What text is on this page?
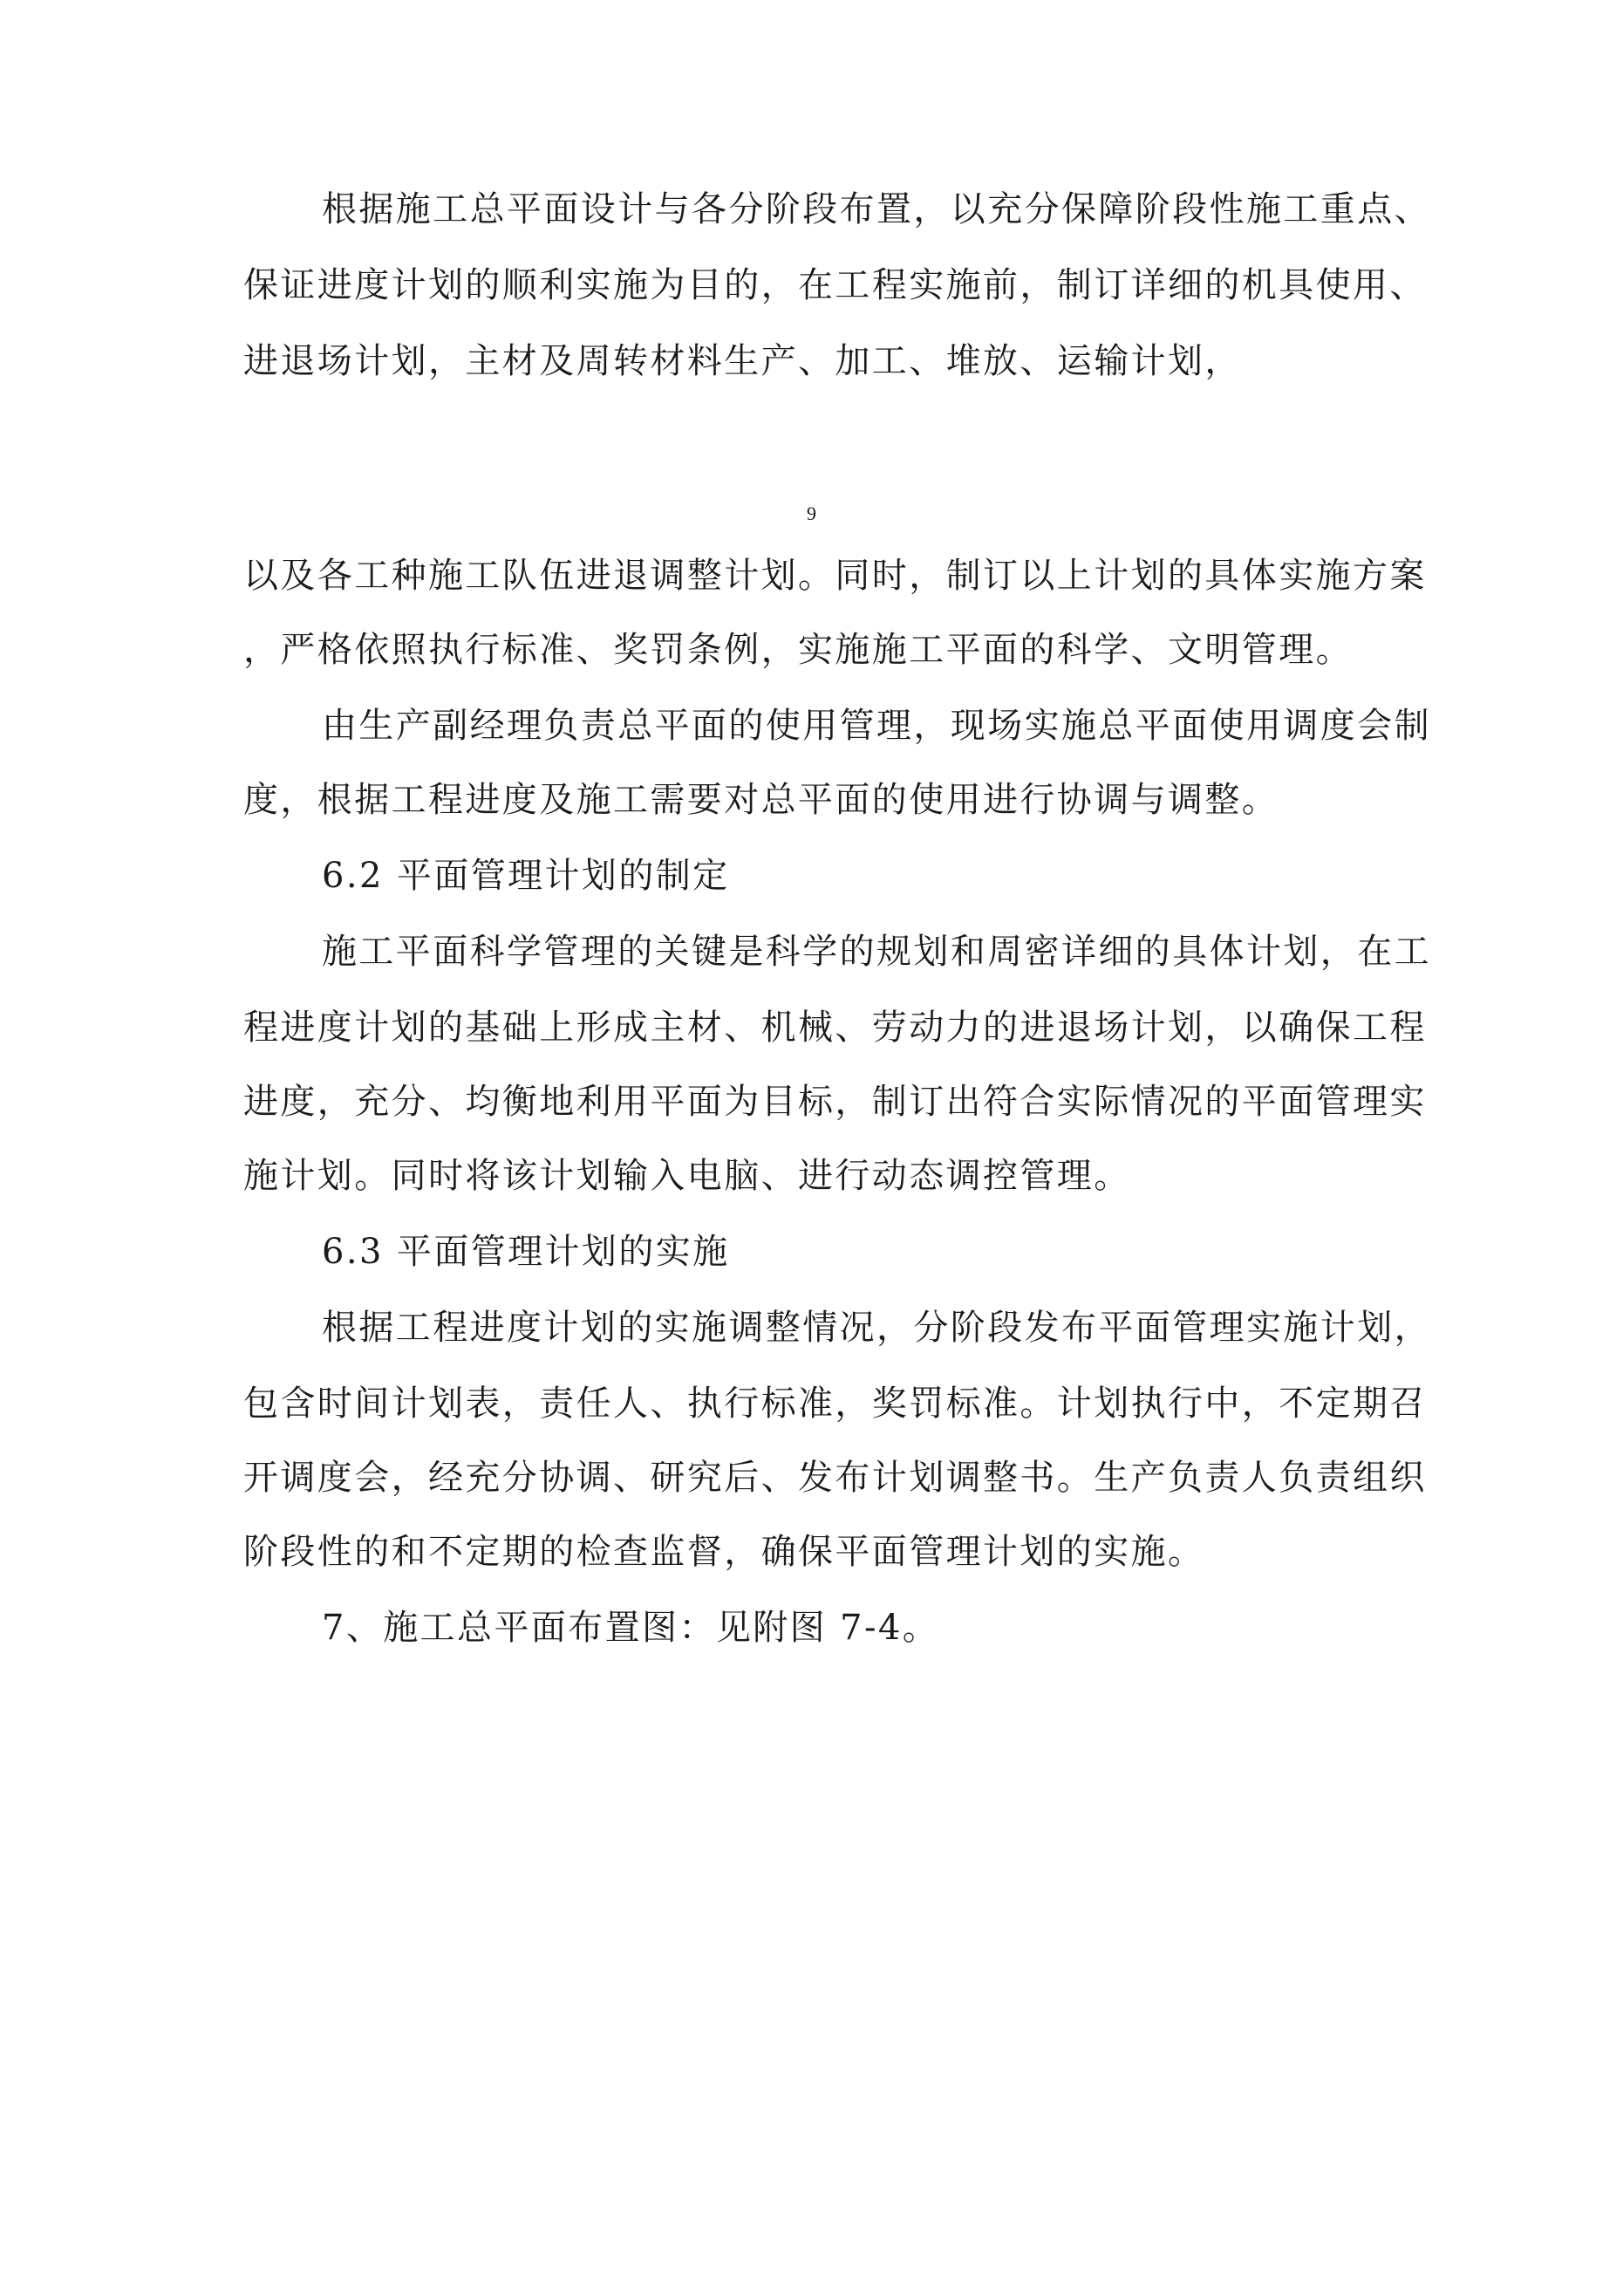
根据施工总平面设计与各分阶段布置，以充分保障阶段性施工重点、

保证进度计划的顺利实施为目的，在工程实施前，制订详细的机具使用、

进退场计划，主材及周转材料生产、加工、堆放、运输计划，

9

以及各工种施工队伍进退调整计划。同时，制订以上计划的具体实施方案

，严格依照执行标准、奖罚条例，实施施工平面的科学、文明管理。

由生产副经理负责总平面的使用管理，现场实施总平面使用调度会制

度，根据工程进度及施工需要对总平面的使用进行协调与调整。

6.2 平面管理计划的制定

施工平面科学管理的关键是科学的规划和周密详细的具体计划，在工

程进度计划的基础上形成主材、机械、劳动力的进退场计划，以确保工程

进度，充分、均衡地利用平面为目标，制订出符合实际情况的平面管理实

施计划。同时将该计划输入电脑、进行动态调控管理。

6.3 平面管理计划的实施

根据工程进度计划的实施调整情况，分阶段发布平面管理实施计划，

包含时间计划表，责任人、执行标准，奖罚标准。计划执行中，不定期召

开调度会，经充分协调、研究后、发布计划调整书。生产负责人负责组织

阶段性的和不定期的检查监督，确保平面管理计划的实施。

7、施工总平面布置图：见附图 7-4。
